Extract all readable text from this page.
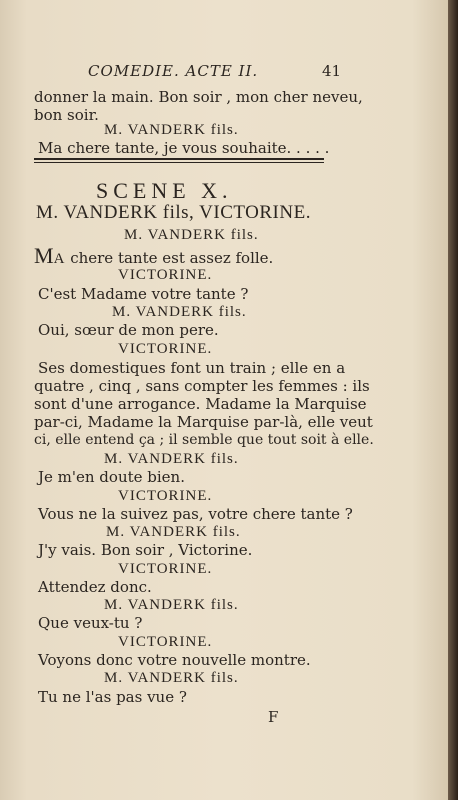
COMEDIE. ACTE II.	41
donner la main. Bon soir , mon cher neveu,
bon soir.
M. VANDERK fils.
Ma chere tante, je vous souhaite. . . . .
SCENE X.
M. VANDERK fils, VICTORINE.
M. VANDERK fils.
MA chere tante est assez folle.
VICTORINE.
C'est Madame votre tante ?
M. VANDERK fils.
Oui, sœur de mon pere.
VICTORINE.
Ses domestiques font un train ; elle en a
quatre , cinq , sans compter les femmes : ils
sont d'une arrogance. Madame la Marquise
par-ci, Madame la Marquise par-là, elle veut
ci, elle entend ça ; il semble que tout soit à elle.
M. VANDERK fils.
Je m'en doute bien.
VICTORINE.
Vous ne la suivez pas, votre chere tante ?
M. VANDERK fils.
J'y vais. Bon soir , Victorine.
VICTORINE.
Attendez donc.
M. VANDERK fils.
Que veux-tu ?
VICTORINE.
Voyons donc votre nouvelle montre.
M. VANDERK fils.
Tu ne l'as pas vue ?
F
